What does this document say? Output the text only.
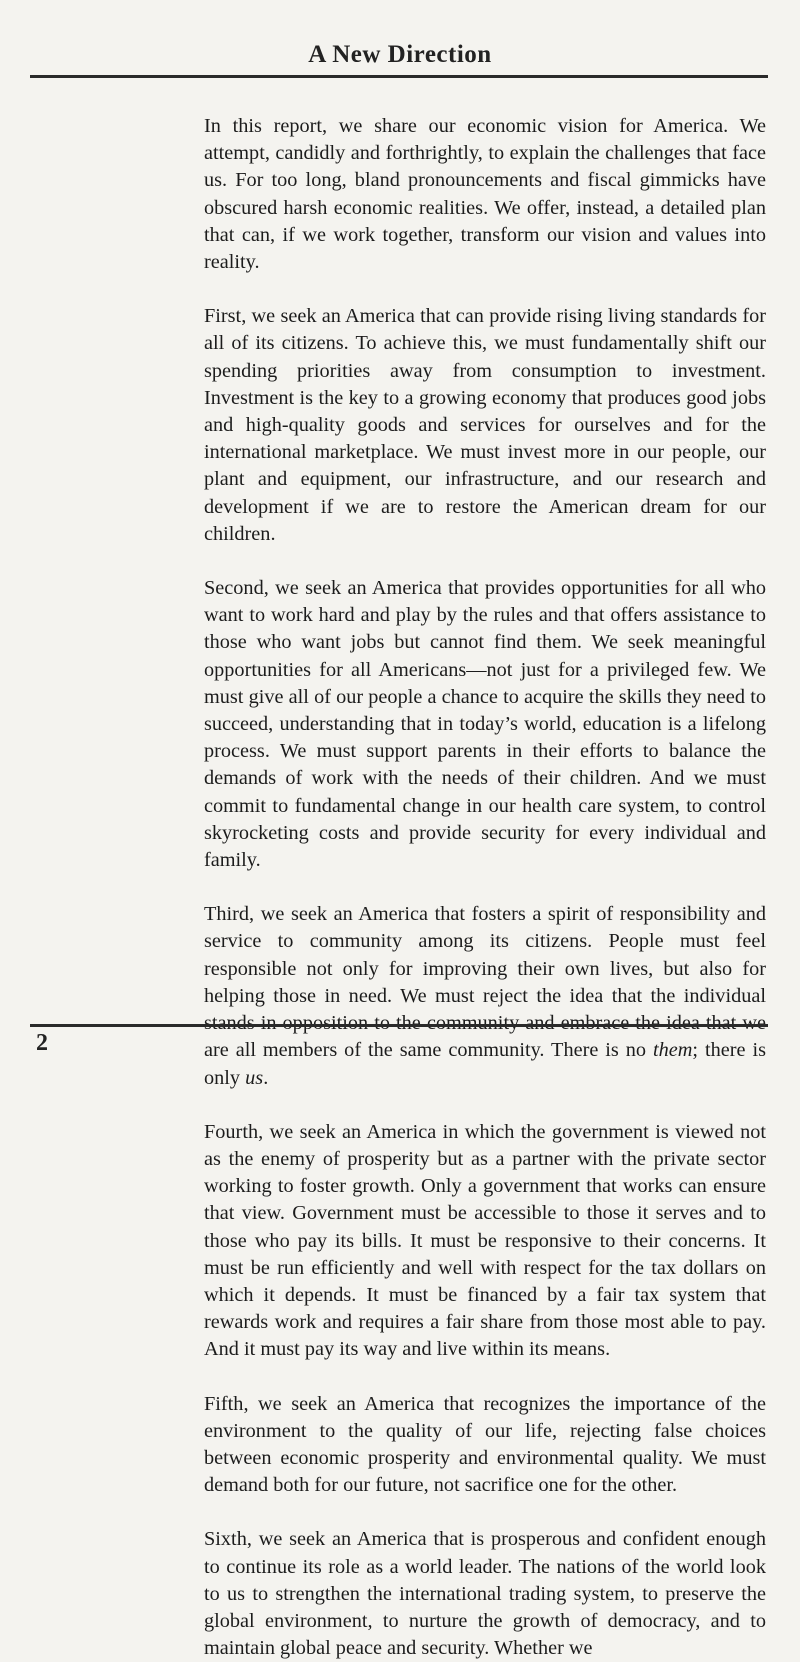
A New Direction

In this report, we share our economic vision for America. We attempt, candidly and forthrightly, to explain the challenges that face us. For too long, bland pronouncements and fiscal gimmicks have obscured harsh economic realities. We offer, instead, a detailed plan that can, if we work together, transform our vision and values into reality.

First, we seek an America that can provide rising living standards for all of its citizens. To achieve this, we must fundamentally shift our spending priorities away from consumption to investment. Investment is the key to a growing economy that produces good jobs and high-quality goods and services for ourselves and for the international marketplace. We must invest more in our people, our plant and equipment, our infrastructure, and our research and development if we are to restore the American dream for our children.

Second, we seek an America that provides opportunities for all who want to work hard and play by the rules and that offers assistance to those who want jobs but cannot find them. We seek meaningful opportunities for all Americans—not just for a privileged few. We must give all of our people a chance to acquire the skills they need to succeed, understanding that in today’s world, education is a lifelong process. We must support parents in their efforts to balance the demands of work with the needs of their children. And we must commit to fundamental change in our health care system, to control skyrocketing costs and provide security for every individual and family.

Third, we seek an America that fosters a spirit of responsibility and service to community among its citizens. People must feel responsible not only for improving their own lives, but also for helping those in need. We must reject the idea that the individual are all members of the same community. There is no them; there is only us.

Fourth, we seek an America in which the government is viewed not as the enemy of prosperity but as a partner with the private sector working to foster growth. Only a government that works can ensure that view. Government must be accessible to those it serves and to those who pay its bills. It must be responsive to their concerns. It must be run efficiently and well with respect for the tax dollars on which it depends. It must be financed by a fair tax system that rewards work and requires a fair share from those most able to pay. And it must pay its way and live within its means.

Fifth, we seek an America that recognizes the importance of the environment to the quality of our life, rejecting false choices between economic prosperity and environmental quality. We must demand both for our future, not sacrifice one for the other.

Sixth, we seek an America that is prosperous and confident enough to continue its role as a world leader. The nations of the world look to us to strengthen the international trading system, to preserve the global environment, to nurture the growth of democracy, and to maintain global peace and security. Whether we

2
